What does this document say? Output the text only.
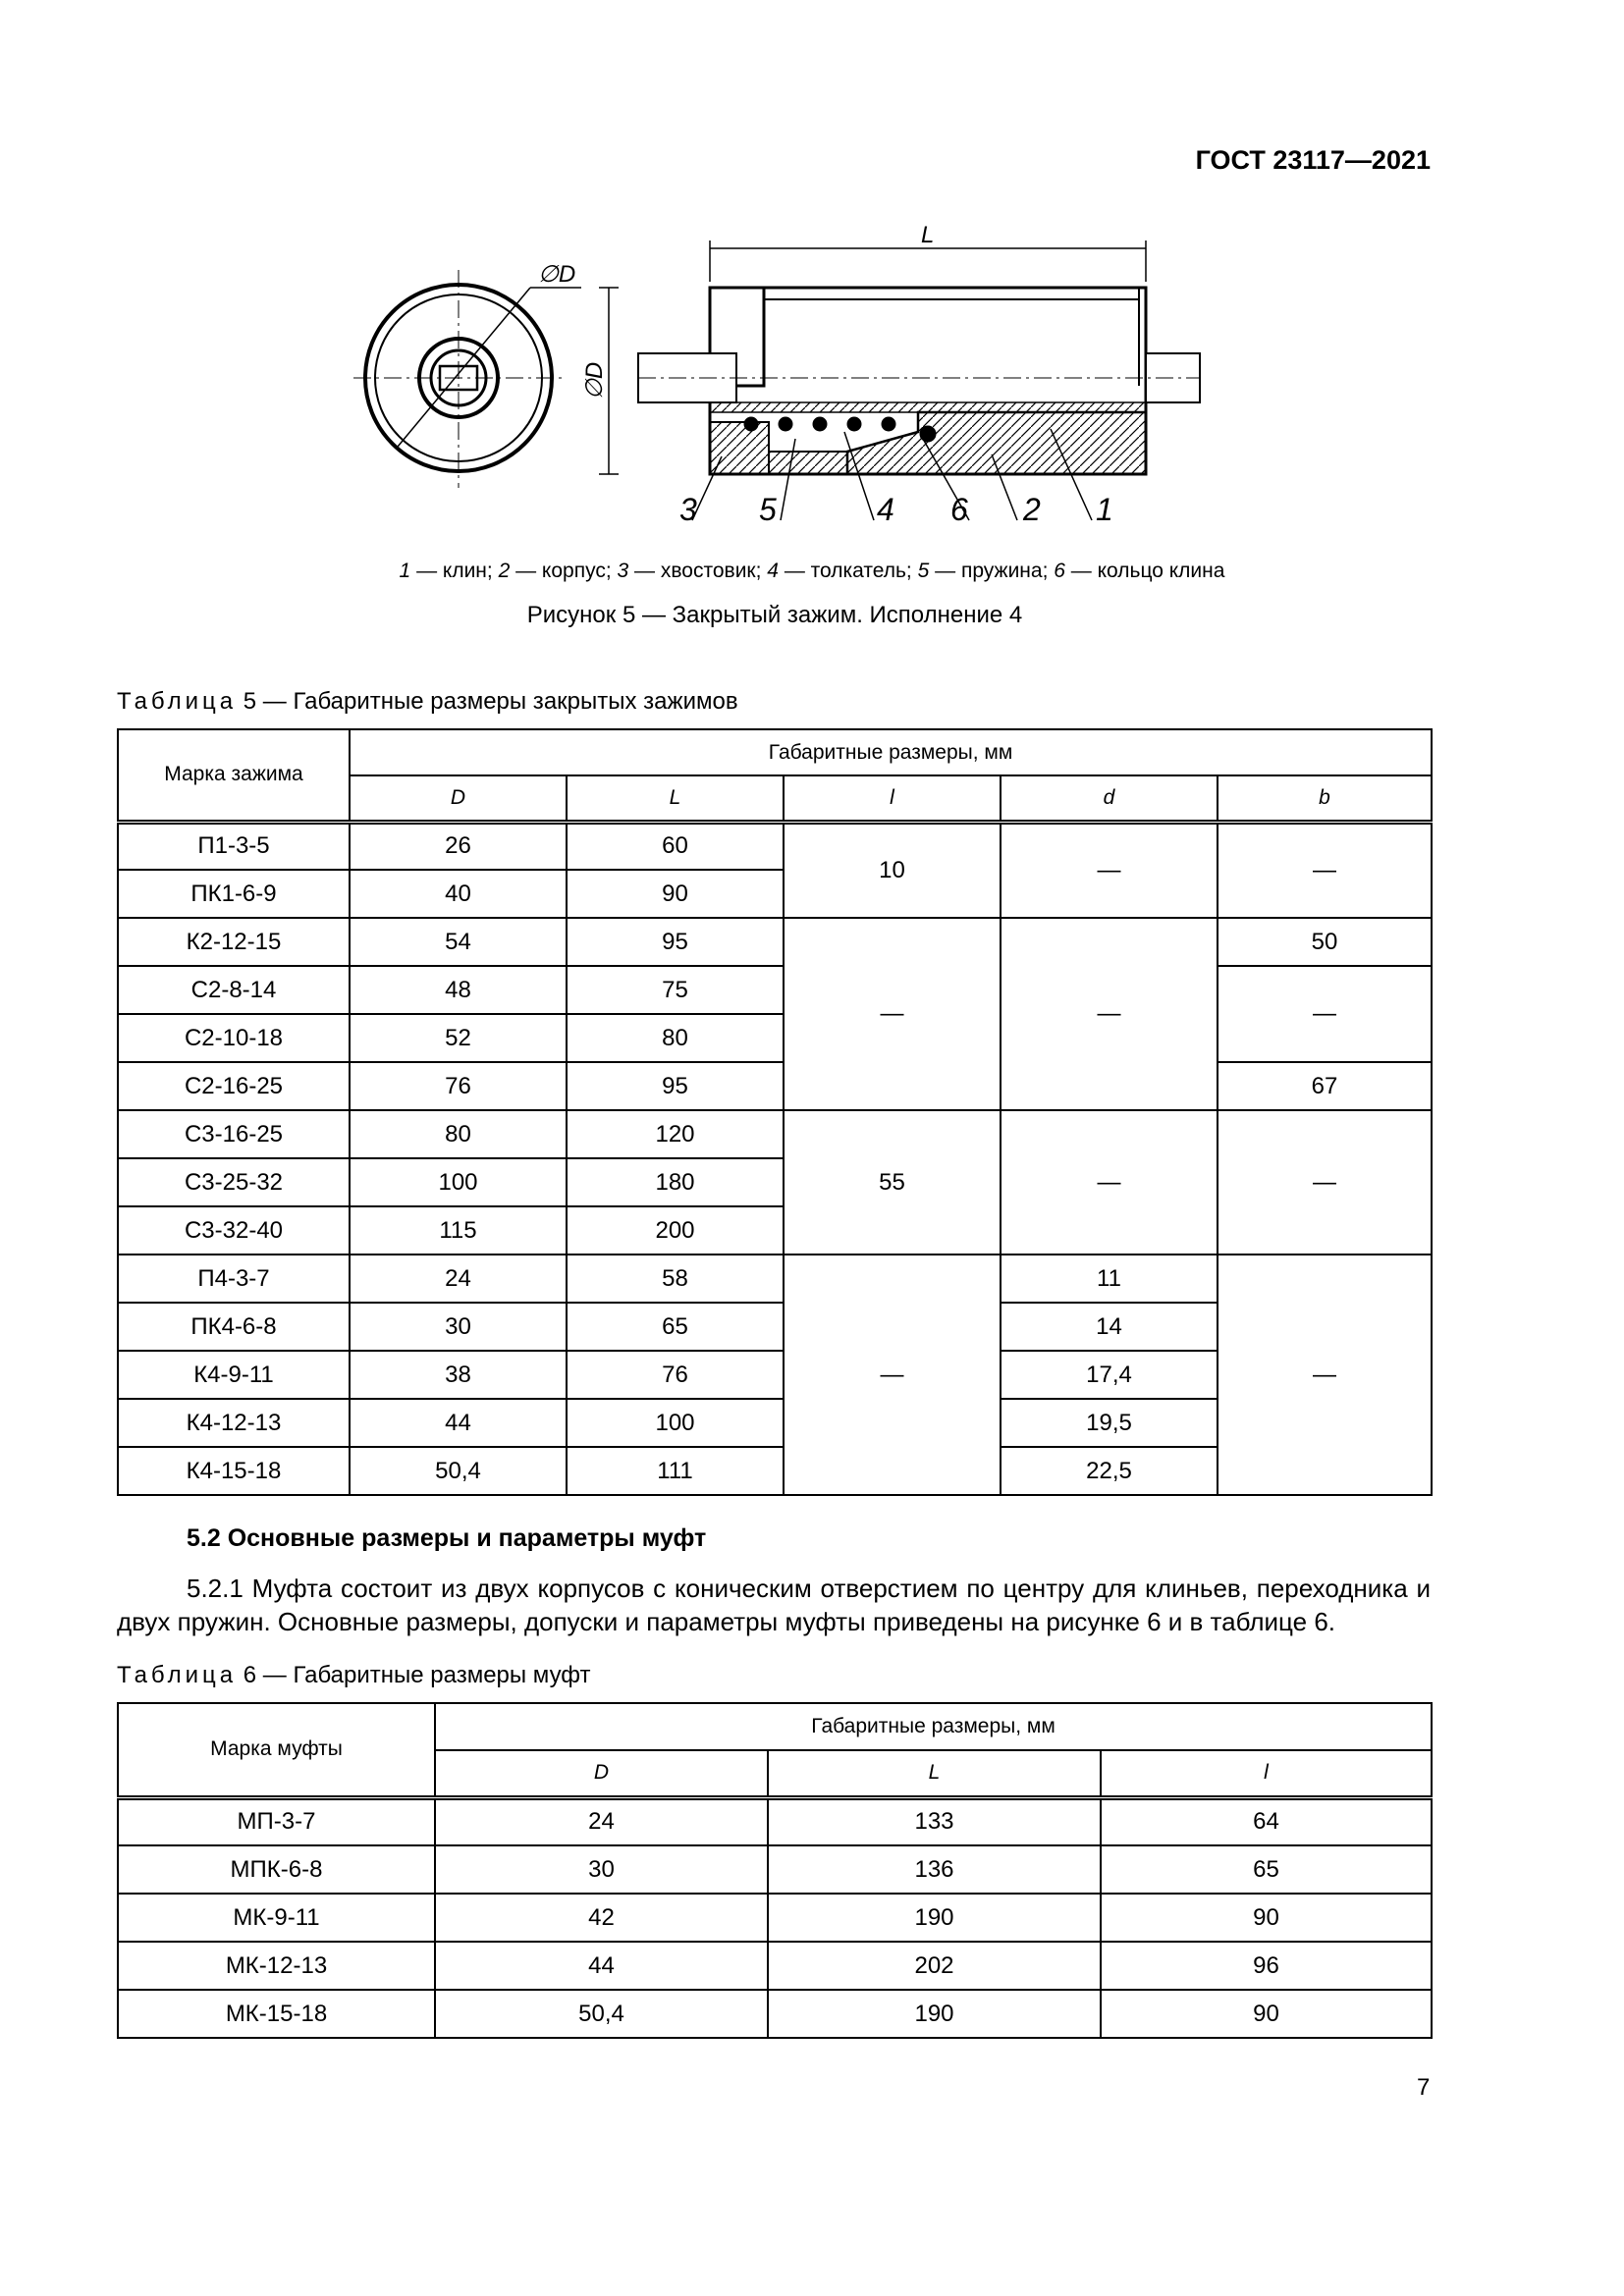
ГОСТ 23117—2021
∅D
L
∅D
3 5	4 6 2 1
1 — клин; 2 — корпус; 3 — хвостовик; 4 — толкатель; 5 — пружина; 6 — кольцо клина
Рисунок 5 — Закрытый зажим. Исполнение 4
Таблица 5 — Габаритные размеры закрытых зажимов
Марка зажима	Габаритные размеры, мм				
	D	L	l	d	b
П1-3-5	26	60	10	—	—
ПК1-6-9	40	90			
К2-12-15	54	95	—	—	50
С2-8-14	48	75			—
С2-10-18	52	80			
С2-16-25	76	95			67
С3-16-25	80	120	55	—	—
С3-25-32	100	180			
С3-32-40	115	200			
П4-3-7	24	58	—	11	—
ПК4-6-8	30	65		14	
К4-9-11	38	76		17,4	
К4-12-13	44	100		19,5	
К4-15-18	50,4	111		22,5	
5.2 Основные размеры и параметры муфт

5.2.1 Муфта состоит из двух корпусов с коническим отверстием по центру для клиньев, переходника и двух пружин. Основные размеры, допуски и параметры муфты приведены на рисунке 6 и в таблице 6.

Таблица 6 — Габаритные размеры муфт
Марка муфты	Габаритные размеры, мм		
	D	L	l
МП-3-7	24	133	64
МПК-6-8	30	136	65
МК-9-11	42	190	90
МК-12-13	44	202	96
МК-15-18	50,4	190	90
7
